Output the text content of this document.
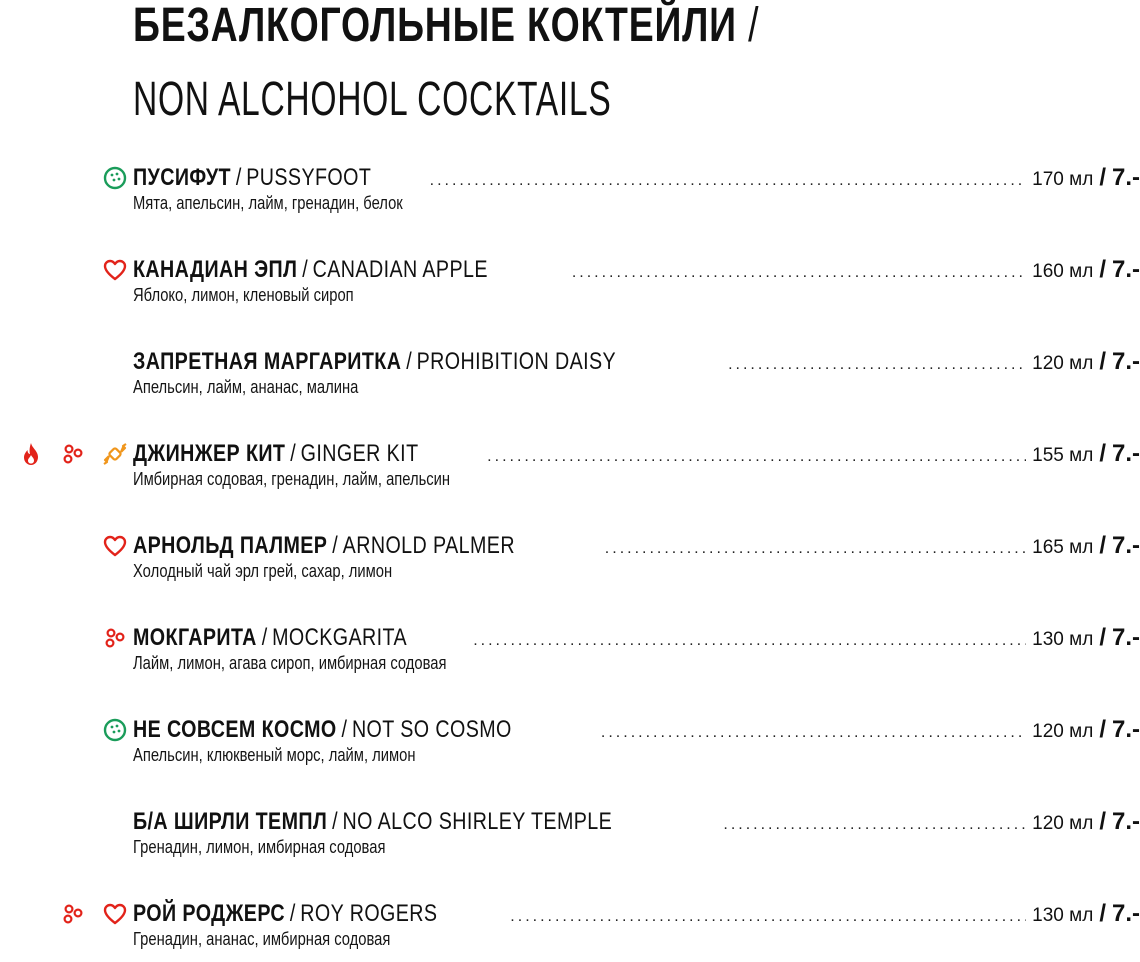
БЕЗАЛКОГОЛЬНЫЕ КОКТЕЙЛИ /
NON ALCHOHOL COCKTAILS
ПУСИФУТ / PUSSYFOOT .....	170 мл / 7.-
Мята, апельсин, лайм, гренадин, белок
КАНАДИАН ЭПЛ / CANADIAN APPLE .....	160 мл / 7.-
Яблоко, лимон, кленовый сироп
ЗАПРЕТНАЯ МАРГАРИТКА / PROHIBITION DAISY .....	120 мл / 7.-
Апельсин, лайм, ананас, малина
ДЖИНЖЕР КИТ / GINGER KIT .....	155 мл / 7.-
Имбирная содовая, гренадин, лайм, апельсин
АРНОЛЬД ПАЛМЕР / ARNOLD PALMER .....	165 мл / 7.-
Холодный чай эрл грей, сахар, лимон
МОКГАРИТА / MOCKGARITA .....	130 мл / 7.-
Лайм, лимон, агава сироп, имбирная содовая
НЕ СОВСЕМ КОСМО / NOT SO COSMO .....	120 мл / 7.-
Апельсин, клюквеный морс, лайм, лимон
Б/А ШИРЛИ ТЕМПЛ / NO ALCO SHIRLEY TEMPLE .....	120 мл / 7.-
Гренадин, лимон, имбирная содовая
РОЙ РОДЖЕРС / ROY ROGERS .....	130 мл / 7.-
Гренадин, ананас, имбирная содовая
